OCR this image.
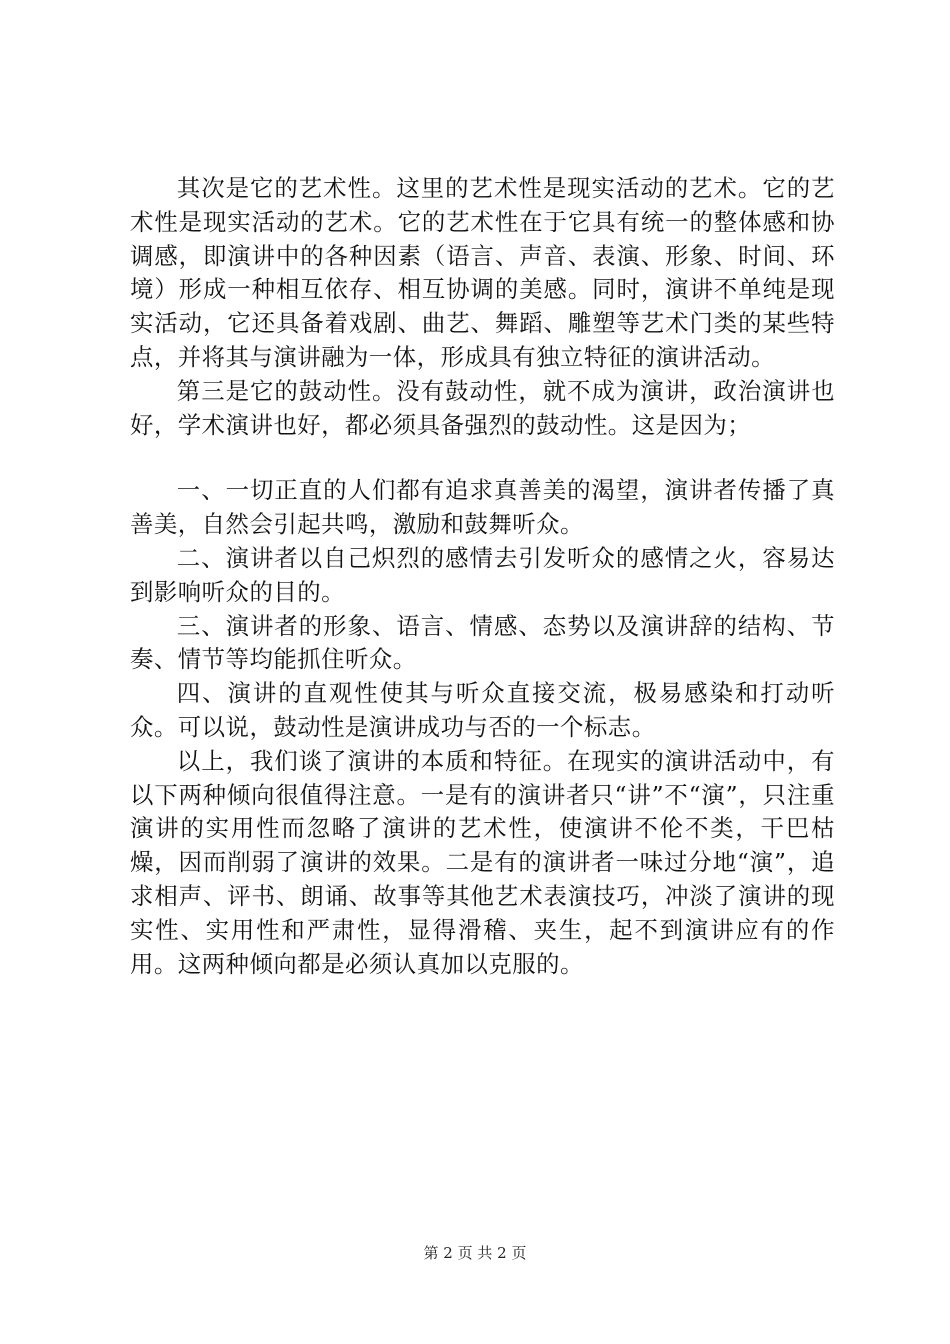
其次是它的艺术性。这里的艺术性是现实活动的艺术。它的艺术性是现实活动的艺术。它的艺术性在于它具有统一的整体感和协调感，即演讲中的各种因素（语言、声音、表演、形象、时间、环境）形成一种相互依存、相互协调的美感。同时，演讲不单纯是现实活动，它还具备着戏剧、曲艺、舞蹈、雕塑等艺术门类的某些特点，并将其与演讲融为一体，形成具有独立特征的演讲活动。

第三是它的鼓动性。没有鼓动性，就不成为演讲，政治演讲也好，学术演讲也好，都必须具备强烈的鼓动性。这是因为；

一、一切正直的人们都有追求真善美的渴望，演讲者传播了真善美，自然会引起共鸣，激励和鼓舞听众。

二、演讲者以自己炽烈的感情去引发听众的感情之火，容易达到影响听众的目的。

三、演讲者的形象、语言、情感、态势以及演讲辞的结构、节奏、情节等均能抓住听众。

四、演讲的直观性使其与听众直接交流，极易感染和打动听众。可以说，鼓动性是演讲成功与否的一个标志。

以上，我们谈了演讲的本质和特征。在现实的演讲活动中，有以下两种倾向很值得注意。一是有的演讲者只“讲”不“演”，只注重演讲的实用性而忽略了演讲的艺术性，使演讲不伦不类，干巴枯燥，因而削弱了演讲的效果。二是有的演讲者一味过分地“演”，追求相声、评书、朗诵、故事等其他艺术表演技巧，冲淡了演讲的现实性、实用性和严肃性，显得滑稽、夹生，起不到演讲应有的作用。这两种倾向都是必须认真加以克服的。

第 2 页 共 2 页
